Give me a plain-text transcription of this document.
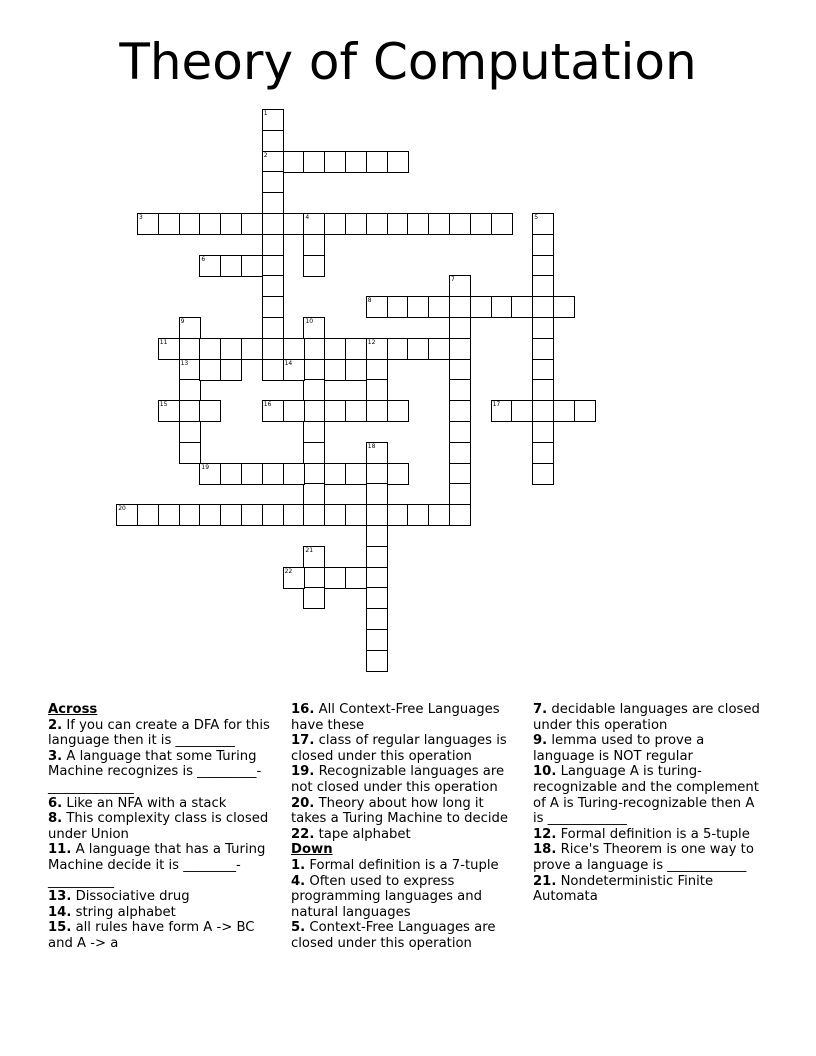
Theory of Computation
1
2
3	4	5
6
7
8
9
13
10
11	12
14
15	16	17
18
19
20
21
22
Across

2. If you can create a DFA for this language then it is _________

3. A language that some Turing Machine recognizes is _________-_____________

6. Like an NFA with a stack

8. This complexity class is closed under Union

11. A language that has a Turing Machine decide it is ________-__________

13. Dissociative drug

14. string alphabet

15. all rules have form A -> BC and A -> a

16. All Context-Free Languages have these

17. class of regular languages is closed under this operation

19. Recognizable languages are not closed under this operation

20. Theory about how long it takes a Turing Machine to decide

22. tape alphabet

Down

1. Formal definition is a 7-tuple

4. Often used to express programming languages and natural languages

5. Context-Free Languages are closed under this operation

7. decidable languages are closed under this operation

9. lemma used to prove a language is NOT regular

10. Language A is turing-recognizable and the complement of A is Turing-recognizable then A is ____________

12. Formal definition is a 5-tuple

18. Rice's Theorem is one way to prove a language is ____________

21. Nondeterministic Finite Automata
